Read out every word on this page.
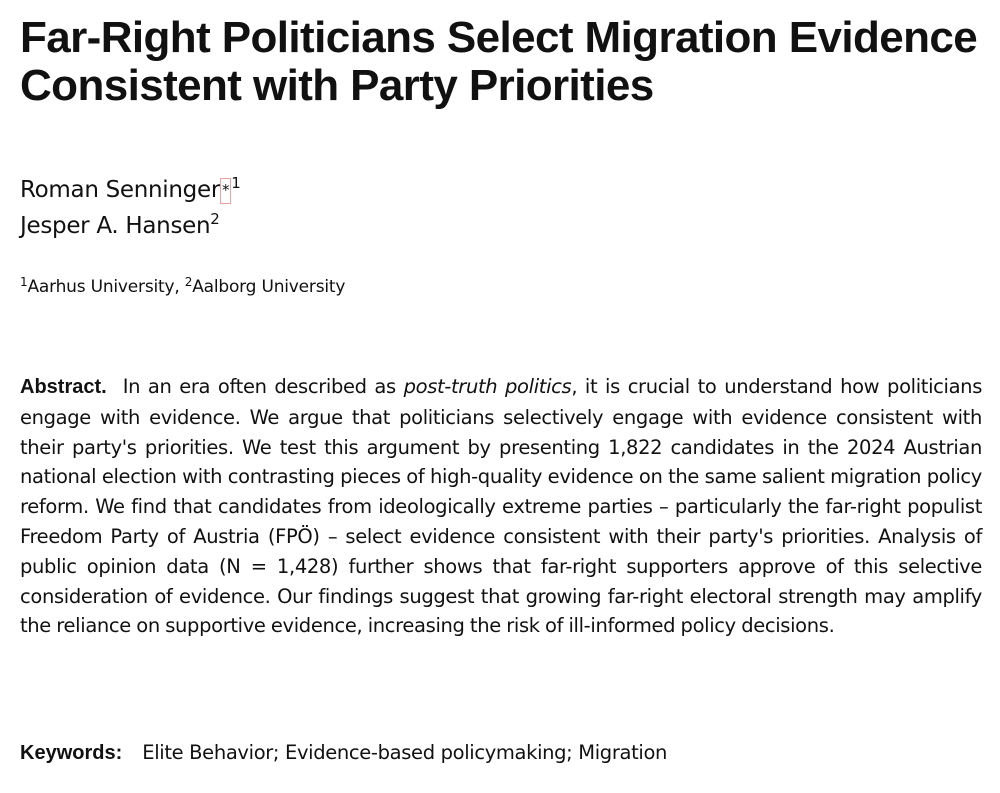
Far-Right Politicians Select Migration Evidence Consistent with Party Priorities
Roman Senninger * $^1$
Jesper A. Hansen$^2$
$^1$Aarhus University, $^2$Aalborg University

Abstract. In an era often described as post-truth politics, it is crucial to understand how politicians engage with evidence. We argue that politicians selectively engage with evidence consistent with their party's priorities. We test this argument by presenting 1,822 candidates in the 2024 Austrian national election with contrasting pieces of high-quality evidence on the same salient migration policy reform. We find that candidates from ideologically extreme parties – particularly the far-right populist Freedom Party of Austria (FPÖ) – select evidence consistent with their party's priorities. Analysis of public opinion data (N = 1,428) further shows that far-right supporters approve of this selective consideration of evidence. Our findings suggest that growing far-right electoral strength may amplify the reliance on supportive evidence, increasing the risk of ill-informed policy decisions.

Keywords: Elite Behavior; Evidence-based policymaking; Migration
